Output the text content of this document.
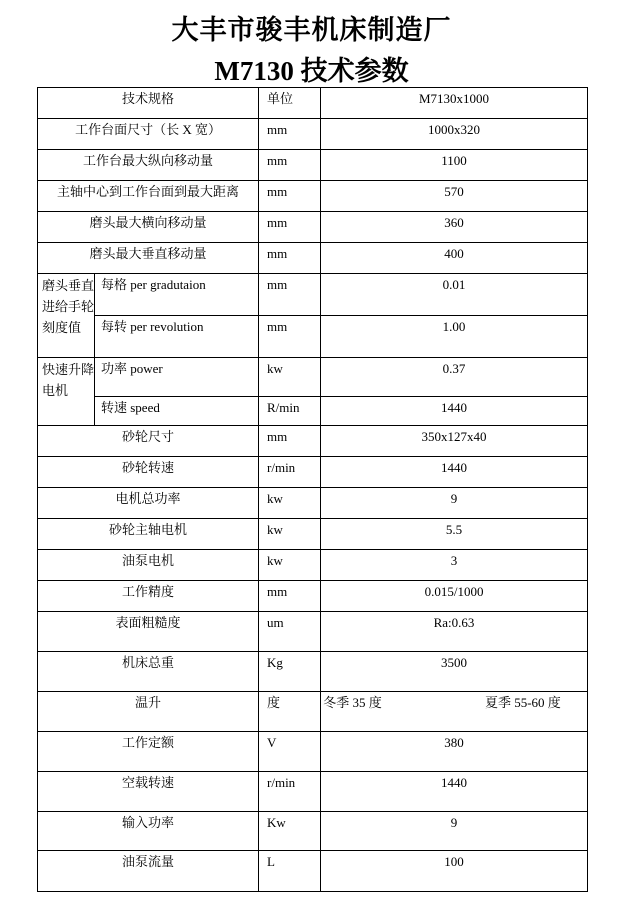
大丰市骏丰机床制造厂
M7130 技术参数
技术规格		单位	M7130x1000
工作台面尺寸（长 X 宽）		mm	1000x320
工作台最大纵向移动量		mm	1100
主轴中心到工作台面到最大距离		mm	570
磨头最大横向移动量		mm	360
磨头最大垂直移动量		mm	400
磨头垂直进给手轮刻度值	每格 per gradutaion	mm	0.01
	每转 per revolution	mm	1.00
快速升降电机	功率 power	kw	0.37
	转速 speed	R/min	1440
砂轮尺寸		mm	350x127x40
砂轮转速		r/min	1440
电机总功率		kw	9
砂轮主轴电机		kw	5.5
油泵电机		kw	3
工作精度		mm	0.015/1000
表面粗糙度		um	Ra:0.63
机床总重		Kg	3500
温升		度	冬季 35 度 夏季 55-60 度
工作定额		V	380
空载转速		r/min	1440
输入功率		Kw	9
油泵流量		L	100
